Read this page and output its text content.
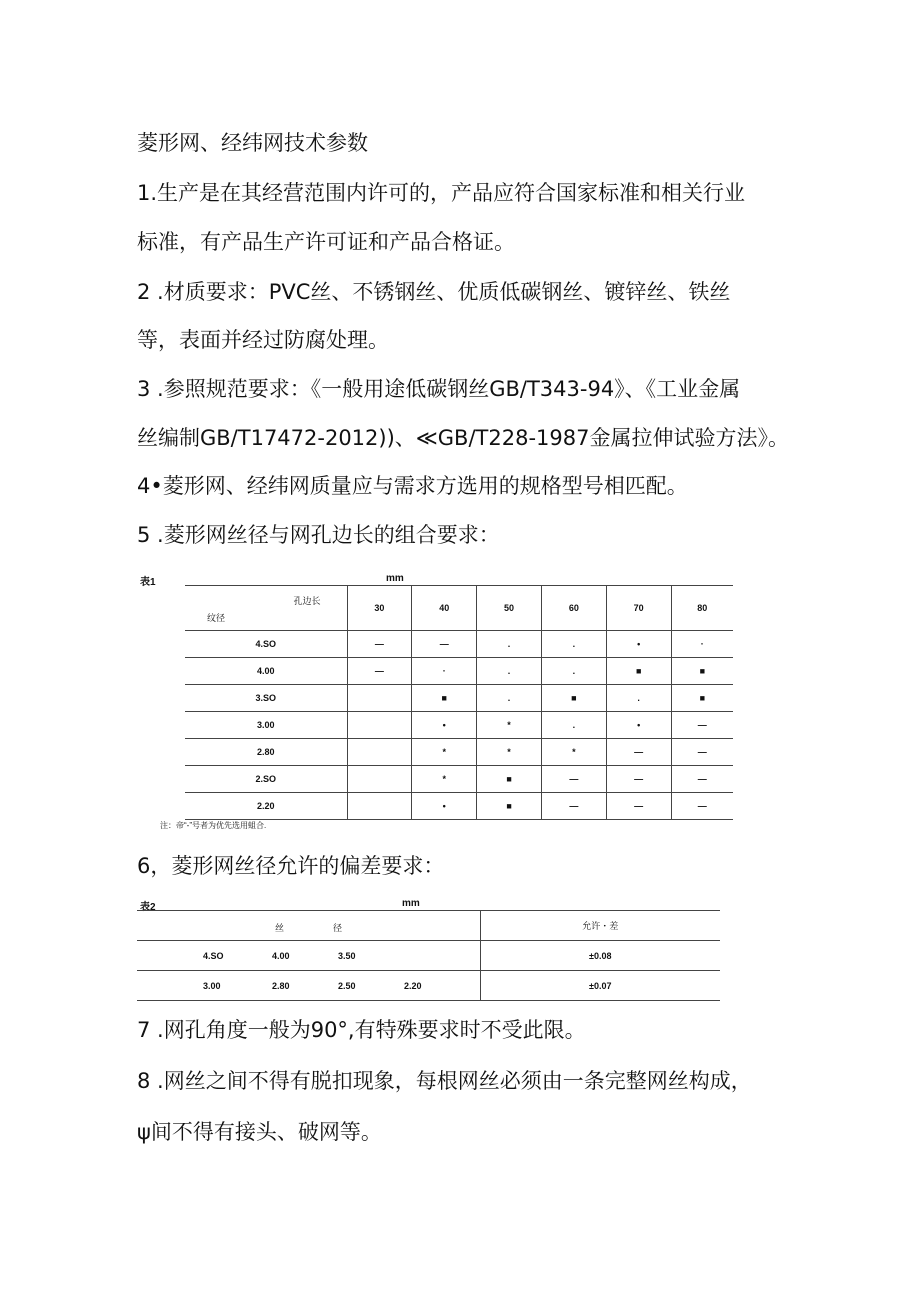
菱形网、经纬网技术参数
1.生产是在其经营范围内许可的，产品应符合国家标准和相关行业
标准，有产品生产许可证和产品合格证。
2 .材质要求：PVC丝、不锈钢丝、优质低碳钢丝、镀锌丝、铁丝
等，表面并经过防腐处理。
3 .参照规范要求：《一般用途低碳钢丝GB/T343-94》、《工业金属
丝编制GB/T17472-2012))、≪GB/T228-1987金属拉伸试验方法》。
4•菱形网、经纬网质量应与需求方选用的规格型号相匹配。
5 .菱形网丝径与网孔边长的组合要求：
表1	mm
孔边长
纹径	30	40	50	60	70	80
4.SO	—	—	.	.	•	·
4.00	—	·	.	.	■	■
3.SO		■	.	■	.	■
3.00		•	*	.	•	—
2.80		*	*	*	—	—
2.SO		*	■	—	—	—
2.20		•	■	—	—	—
注：帝“-”号者为优先选用蛆合.
6，菱形网丝径允许的偏差要求：
表2	mm
丝 径	允许・差

4.SO 4.00 3.50	±0.08

3.00 2.80 2.50 2.20	±0.07
7 .网孔角度一般为90°,有特殊要求时不受此限。
8 .网丝之间不得有脱扣现象，每根网丝必须由一条完整网丝构成，
ψ间不得有接头、破网等。
